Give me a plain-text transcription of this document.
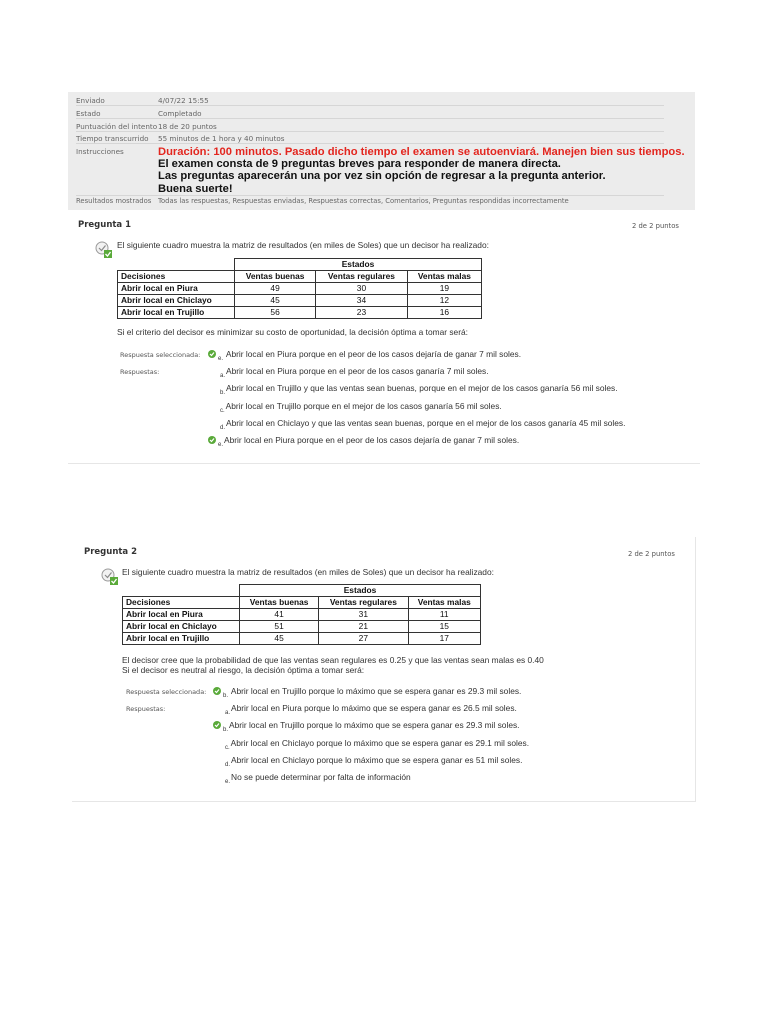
Enviado	4/07/22 15:55
Estado	Completado
Puntuación del intento 18 de 20 puntos
Tiempo transcurrido	55 minutos de 1 hora y 40 minutos
Instrucciones	Duración: 100 minutos. Pasado dicho tiempo el examen se autoenviará. Manejen bien sus tiempos.
El examen consta de 9 preguntas breves para responder de manera directa.
Las preguntas aparecerán una por vez sin opción de regresar a la pregunta anterior.
Buena suerte!
Resultados mostrados Todas las respuestas, Respuestas enviadas, Respuestas correctas, Comentarios, Preguntas respondidas incorrectamente
Pregunta 1	2 de 2 puntos
El siguiente cuadro muestra la matriz de resultados (en miles de Soles) que un decisor ha realizado:
	Estados		
Decisiones	Ventas buenas	Ventas regulares	Ventas malas
Abrir local en Piura	49	30	19
Abrir local en Chiclayo	45	34	12
Abrir local en Trujillo	56	23	16
Si el criterio del decisor es minimizar su costo de oportunidad, la decisión óptima a tomar será:
Respuesta seleccionada:	$_{e.}$ Abrir local en Piura porque en el peor de los casos dejaría de ganar 7 mil soles.
Respuestas:	$_{a.}$Abrir local en Piura porque en el peor de los casos ganaría 7 mil soles.
$_{b.}$Abrir local en Trujillo y que las ventas sean buenas, porque en el mejor de los casos ganaría 56 mil soles.
$_{c.}$Abrir local en Trujillo porque en el mejor de los casos ganaría 56 mil soles.
$_{d.}$Abrir local en Chiclayo y que las ventas sean buenas, porque en el mejor de los casos ganaría 45 mil soles.
$_{e.}$Abrir local en Piura porque en el peor de los casos dejaría de ganar 7 mil soles.
Pregunta 2	2 de 2 puntos
El siguiente cuadro muestra la matriz de resultados (en miles de Soles) que un decisor ha realizado:
	Estados		
Decisiones	Ventas buenas	Ventas regulares	Ventas malas
Abrir local en Piura	41	31	11
Abrir local en Chiclayo	51	21	15
Abrir local en Trujillo	45	27	17
El decisor cree que la probabilidad de que las ventas sean regulares es 0.25 y que las ventas sean malas es 0.40
Si el decisor es neutral al riesgo, la decisión óptima a tomar será:
Respuesta seleccionada:	$_{b.}$ Abrir local en Trujillo porque lo máximo que se espera ganar es 29.3 mil soles.
Respuestas:	$_{a.}$Abrir local en Piura porque lo máximo que se espera ganar es 26.5 mil soles.
$_{b.}$Abrir local en Trujillo porque lo máximo que se espera ganar es 29.3 mil soles.
$_{c.}$Abrir local en Chiclayo porque lo máximo que se espera ganar es 29.1 mil soles.
$_{d.}$Abrir local en Chiclayo porque lo máximo que se espera ganar es 51 mil soles.
$_{e.}$No se puede determinar por falta de información
